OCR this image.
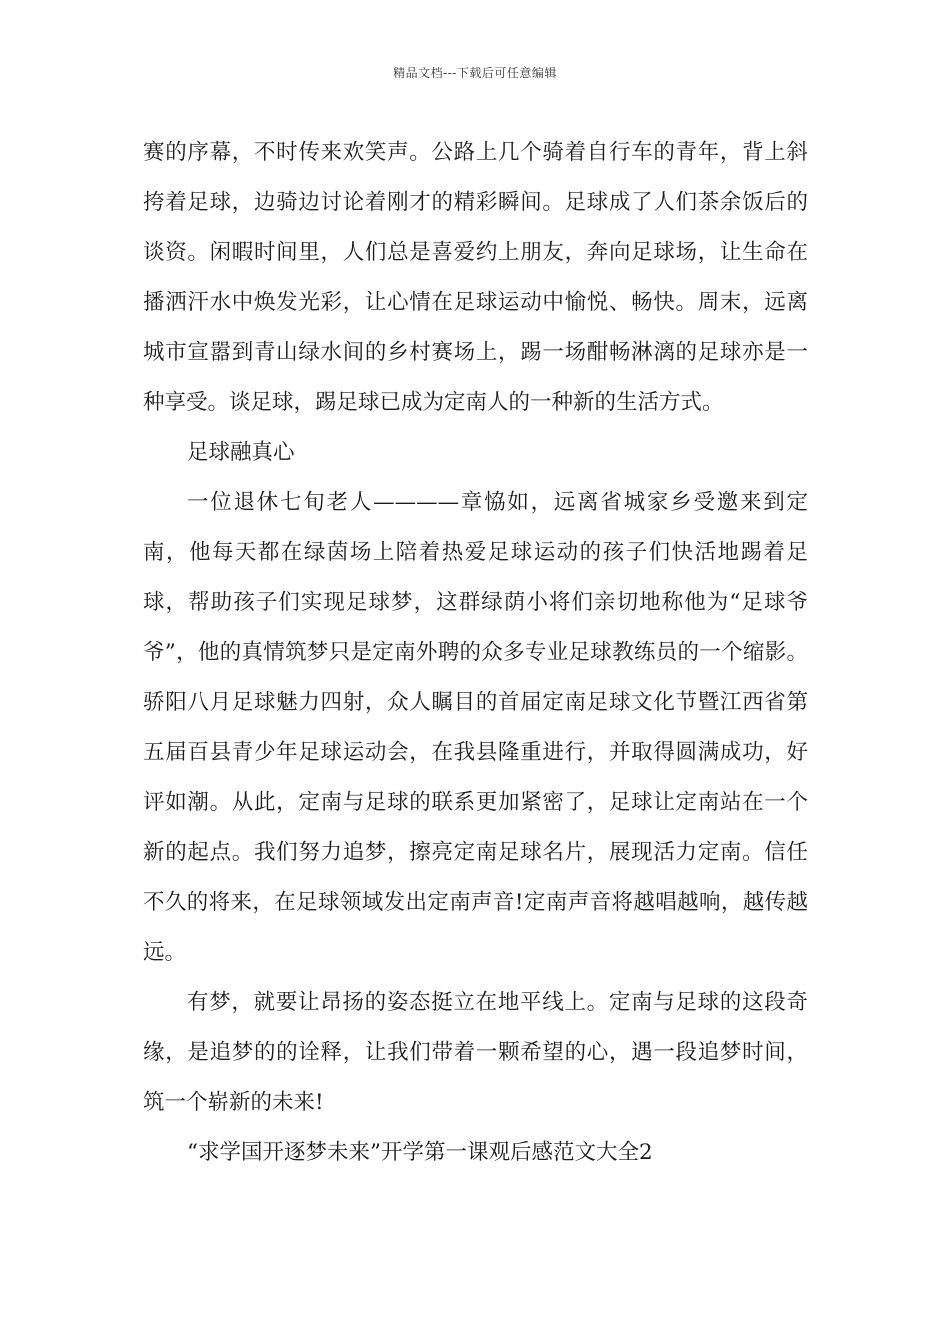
精品文档---下载后可任意编辑

赛的序幕，不时传来欢笑声。公路上几个骑着自行车的青年，背上斜挎着足球，边骑边讨论着刚才的精彩瞬间。足球成了人们茶余饭后的谈资。闲暇时间里，人们总是喜爱约上朋友，奔向足球场，让生命在播洒汗水中焕发光彩，让心情在足球运动中愉悦、畅快。周末，远离城市宣嚣到青山绿水间的乡村赛场上，踢一场酣畅淋漓的足球亦是一种享受。谈足球，踢足球已成为定南人的一种新的生活方式。

足球融真心

一位退休七旬老人————章恊如，远离省城家乡受邀来到定南，他每天都在绿茵场上陪着热爱足球运动的孩子们快活地踢着足球，帮助孩子们实现足球梦，这群绿荫小将们亲切地称他为“足球爷爷”，他的真情筑梦只是定南外聘的众多专业足球教练员的一个缩影。骄阳八月足球魅力四射，众人瞩目的首届定南足球文化节暨江西省第五届百县青少年足球运动会，在我县隆重进行，并取得圆满成功，好评如潮。从此，定南与足球的联系更加紧密了，足球让定南站在一个新的起点。我们努力追梦，擦亮定南足球名片，展现活力定南。信任不久的将来，在足球领域发出定南声音!定南声音将越唱越响，越传越远。

有梦，就要让昂扬的姿态挺立在地平线上。定南与足球的这段奇缘，是追梦的的诠释，让我们带着一颗希望的心，遇一段追梦时间，筑一个崭新的未来!

“求学国开逐梦未来”开学第一课观后感范文大全2
